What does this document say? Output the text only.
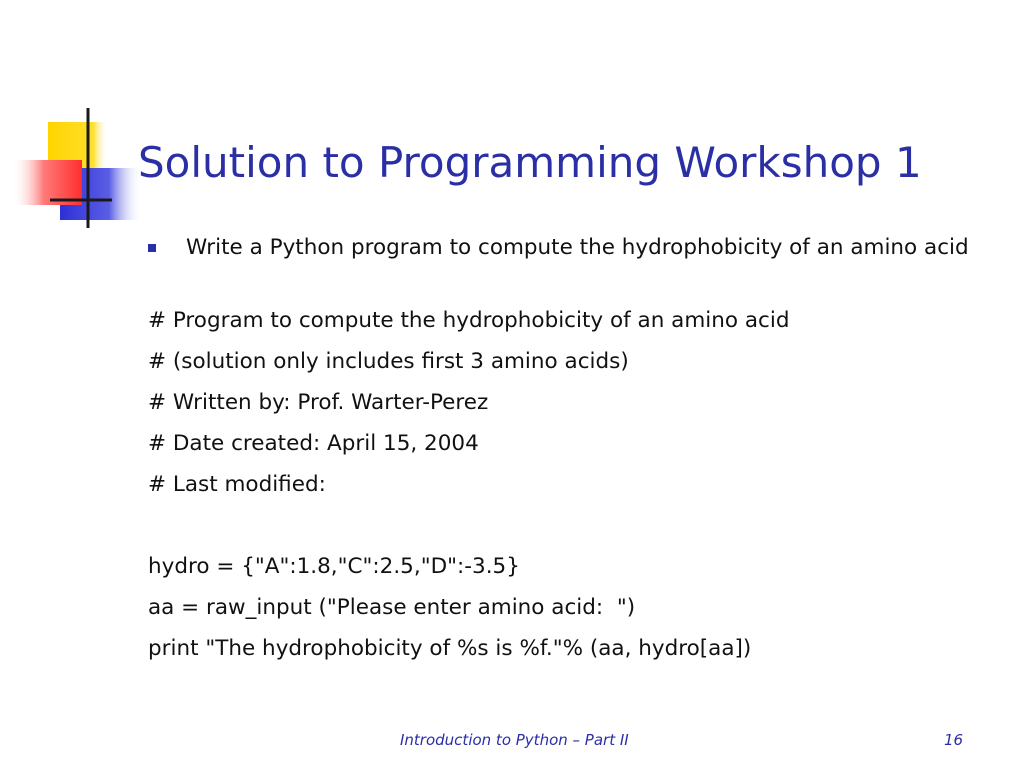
Solution to Programming Workshop 1
Write a Python program to compute the hydrophobicity of an amino acid
# Program to compute the hydrophobicity of an amino acid
# (solution only includes first 3 amino acids)
# Written by: Prof. Warter-Perez
# Date created: April 15, 2004
# Last modified:
hydro = {"A":1.8,"C":2.5,"D":-3.5}
aa = raw_input ("Please enter amino acid:  ")
print "The hydrophobicity of %s is %f."% (aa, hydro[aa])
Introduction to Python – Part II	16
